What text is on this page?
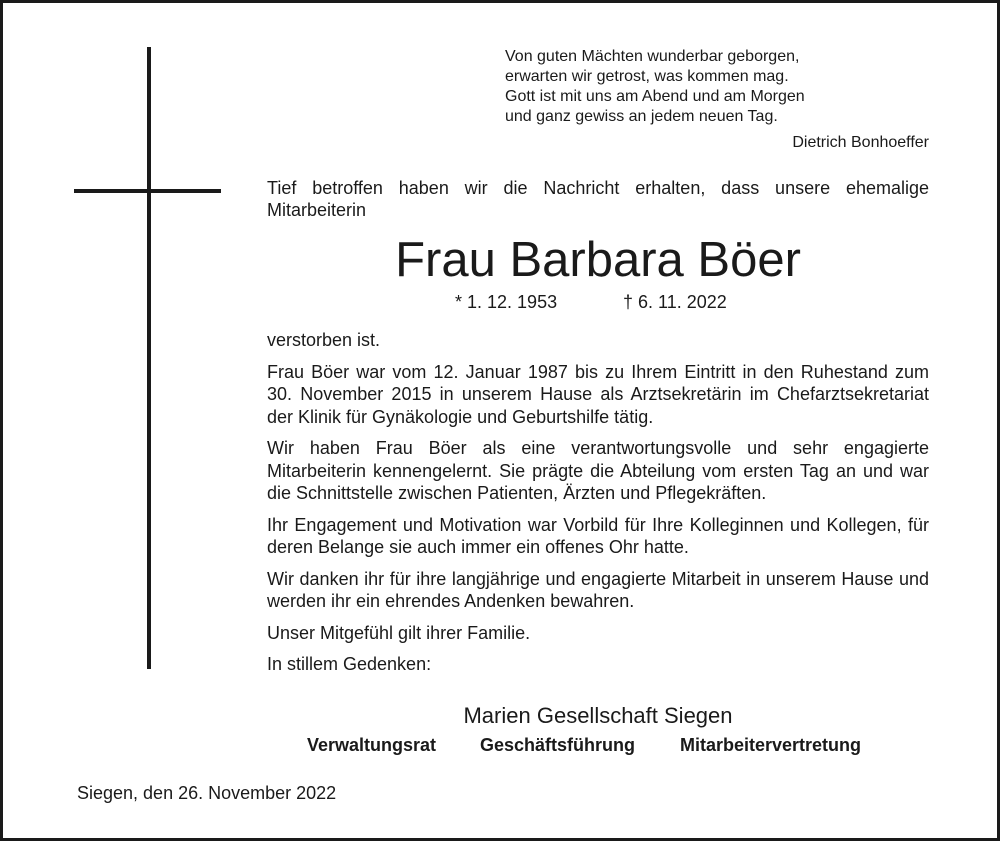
Von guten Mächten wunderbar geborgen,
erwarten wir getrost, was kommen mag.
Gott ist mit uns am Abend und am Morgen
und ganz gewiss an jedem neuen Tag.
Dietrich Bonhoeffer
Tief betroffen haben wir die Nachricht erhalten, dass unsere ehemalige Mitarbeiterin
Frau Barbara Böer
* 1. 12. 1953	† 6. 11. 2022

verstorben ist.

Frau Böer war vom 12. Januar 1987 bis zu Ihrem Eintritt in den Ruhestand zum 30. November 2015 in unserem Hause als Arztsekretärin im Chefarztsekretariat der Klinik für Gynäkologie und Geburtshilfe tätig.

Wir haben Frau Böer als eine verantwortungsvolle und sehr engagierte Mitarbeiterin kennengelernt. Sie prägte die Abteilung vom ersten Tag an und war die Schnittstelle zwischen Patienten, Ärzten und Pflegekräften.

Ihr Engagement und Motivation war Vorbild für Ihre Kolleginnen und Kollegen, für deren Belange sie auch immer ein offenes Ohr hatte.

Wir danken ihr für ihre langjährige und engagierte Mitarbeit in unserem Hause und werden ihr ein ehrendes Andenken bewahren.

Unser Mitgefühl gilt ihrer Familie.

In stillem Gedenken:

Marien Gesellschaft Siegen
Verwaltungsrat Geschäftsführung Mitarbeitervertretung
Siegen, den 26. November 2022
